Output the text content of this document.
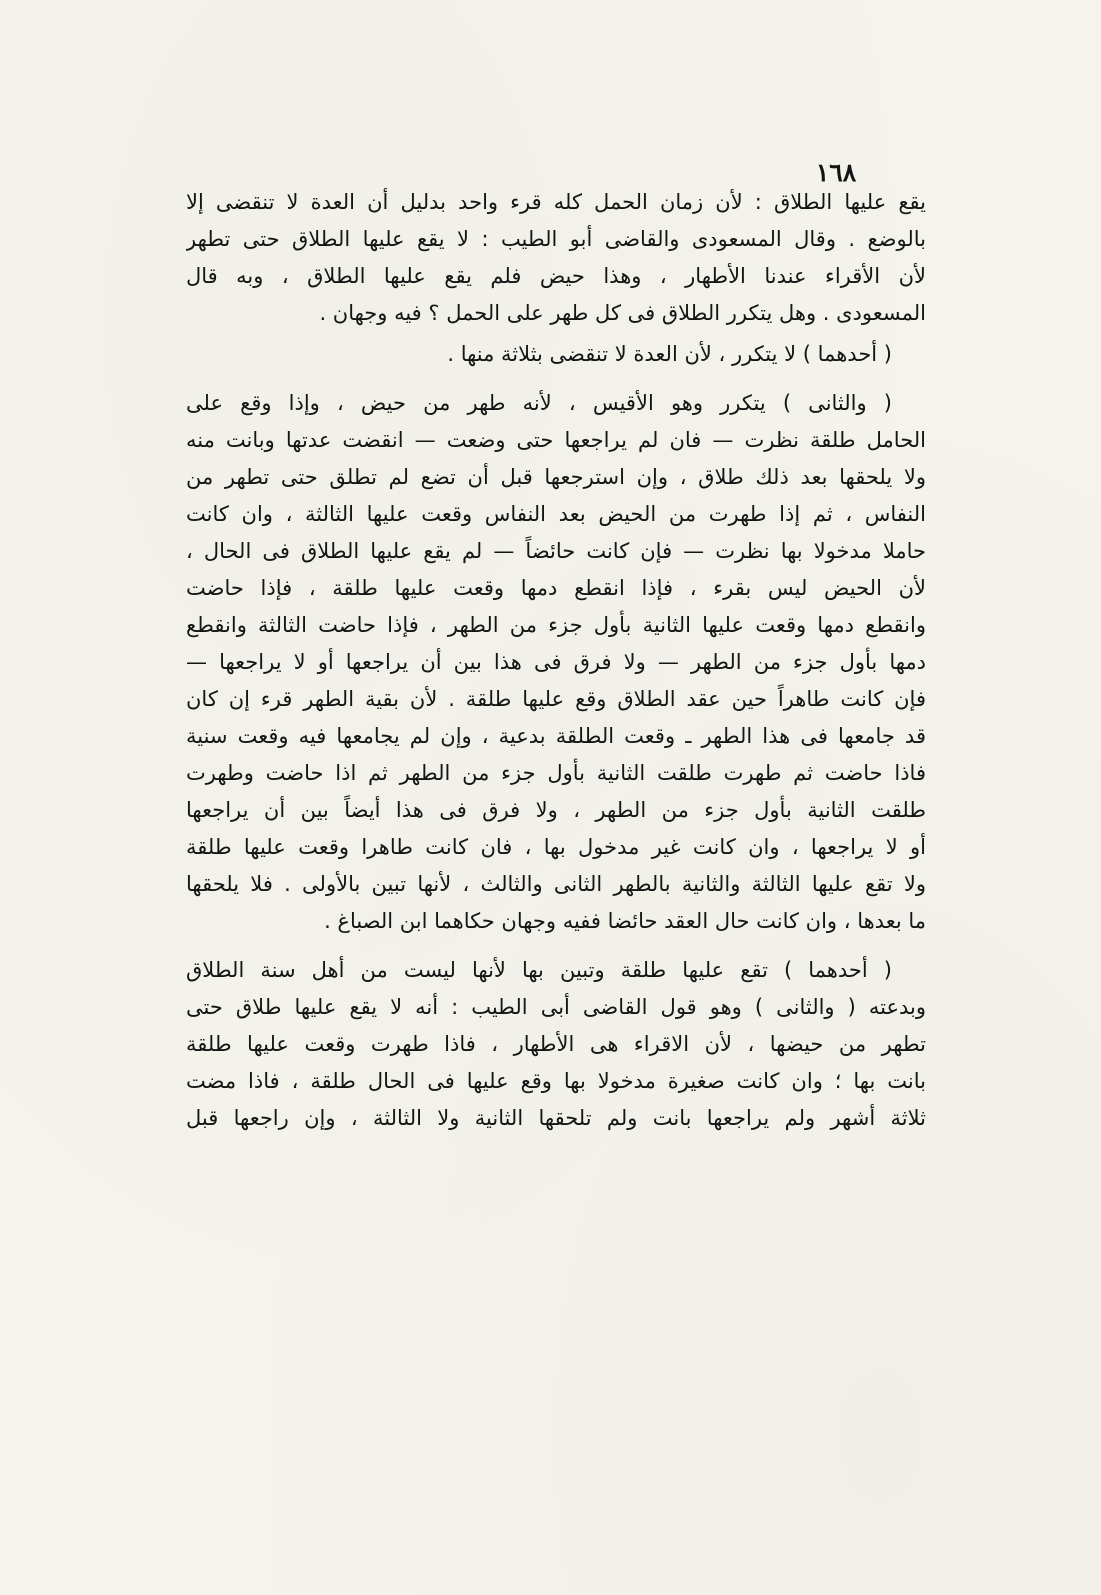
١٦٨
يقع عليها الطلاق : لأن زمان الحمل كله قرء واحد بدليل أن العدة لا تنقضى إلا
بالوضع . وقال المسعودى والقاضى أبو الطيب : لا يقع عليها الطلاق حتى تطهر
لأن الأقراء عندنا الأطهار ، وهذا حيض فلم يقع عليها الطلاق ، وبه قال
المسعودى . وهل يتكرر الطلاق فى كل طهر على الحمل ؟ فيه وجهان .
( أحدهما ) لا يتكرر ، لأن العدة لا تنقضى بثلاثة منها .
( والثانى ) يتكرر وهو الأقيس ، لأنه طهر من حيض ، وإذا وقع على
الحامل طلقة نظرت — فان لم يراجعها حتى وضعت — انقضت عدتها وبانت منه
ولا يلحقها بعد ذلك طلاق ، وإن استرجعها قبل أن تضع لم تطلق حتى تطهر من
النفاس ، ثم إذا طهرت من الحيض بعد النفاس وقعت عليها الثالثة ، وان كانت
حاملا مدخولا بها نظرت — فإن كانت حائضاً — لم يقع عليها الطلاق فى الحال ،
لأن الحيض ليس بقرء ، فإذا انقطع دمها وقعت عليها طلقة ، فإذا حاضت
وانقطع دمها وقعت عليها الثانية بأول جزء من الطهر ، فإذا حاضت الثالثة وانقطع
دمها بأول جزء من الطهر — ولا فرق فى هذا بين أن يراجعها أو لا يراجعها —
فإن كانت طاهراً حين عقد الطلاق وقع عليها طلقة . لأن بقية الطهر قرء إن كان
قد جامعها فى هذا الطهر ـ وقعت الطلقة بدعية ، وإن لم يجامعها فيه وقعت سنية
فاذا حاضت ثم طهرت طلقت الثانية بأول جزء من الطهر ثم اذا حاضت وطهرت
طلقت الثانية بأول جزء من الطهر ، ولا فرق فى هذا أيضاً بين أن يراجعها
أو لا يراجعها ، وان كانت غير مدخول بها ، فان كانت طاهرا وقعت عليها طلقة
ولا تقع عليها الثالثة والثانية بالطهر الثانى والثالث ، لأنها تبين بالأولى . فلا يلحقها
ما بعدها ، وان كانت حال العقد حائضا ففيه وجهان حكاهما ابن الصباغ .
( أحدهما ) تقع عليها طلقة وتبين بها لأنها ليست من أهل سنة الطلاق
وبدعته ( والثانى ) وهو قول القاضى أبى الطيب : أنه لا يقع عليها طلاق حتى
تطهر من حيضها ، لأن الاقراء هى الأطهار ، فاذا طهرت وقعت عليها طلقة
بانت بها ؛ وان كانت صغيرة مدخولا بها وقع عليها فى الحال طلقة ، فاذا مضت
ثلاثة أشهر ولم يراجعها بانت ولم تلحقها الثانية ولا الثالثة ، وإن راجعها قبل
